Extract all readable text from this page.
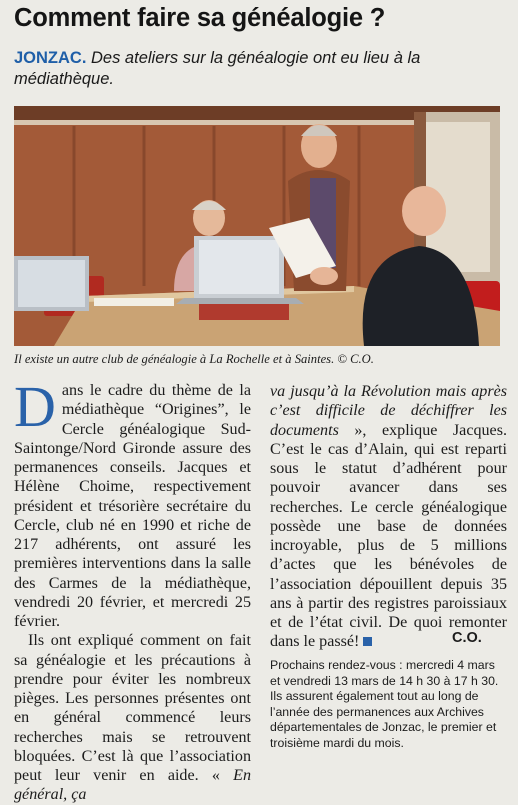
Comment faire sa généalogie ?
JONZAC. Des ateliers sur la généalogie ont eu lieu à la médiathèque.
Il existe un autre club de généalogie à La Rochelle et à Saintes. © C.O.

Dans le cadre du thème de la médiathèque “Origines”, le Cercle généalogique Sud-Saintonge/Nord Gironde assure des permanences conseils. Jacques et Hélène Choime, respectivement président et trésorière secrétaire du Cercle, club né en 1990 et riche de 217 adhérents, ont assuré les premières interventions dans la salle des Carmes de la médiathèque, vendredi 20 février, et mercredi 25 février.

Ils ont expliqué comment on fait sa généalogie et les précautions à prendre pour éviter les nombreux pièges. Les personnes présentes ont en général commencé leurs recherches mais se retrouvent bloquées. C’est là que l’association peut leur venir en aide. « En général, ça

va jusqu’à la Révolution mais après c’est difficile de déchiffrer les documents », explique Jacques. C’est le cas d’Alain, qui est reparti sous le statut d’adhérent pour pouvoir avancer dans ses recherches. Le cercle généalogique possède une base de données incroyable, plus de 5 millions d’actes que les bénévoles de l’association dépouillent depuis 35 ans à partir des registres paroissiaux et de l’état civil. De quoi remonter dans le passé!	C.O.
Prochains rendez-vous : mercredi 4 mars et vendredi 13 mars de 14 h 30 à 17 h 30. Ils assurent également tout au long de l’année des permanences aux Archives départementales de Jonzac, le premier et troisième mardi du mois.
